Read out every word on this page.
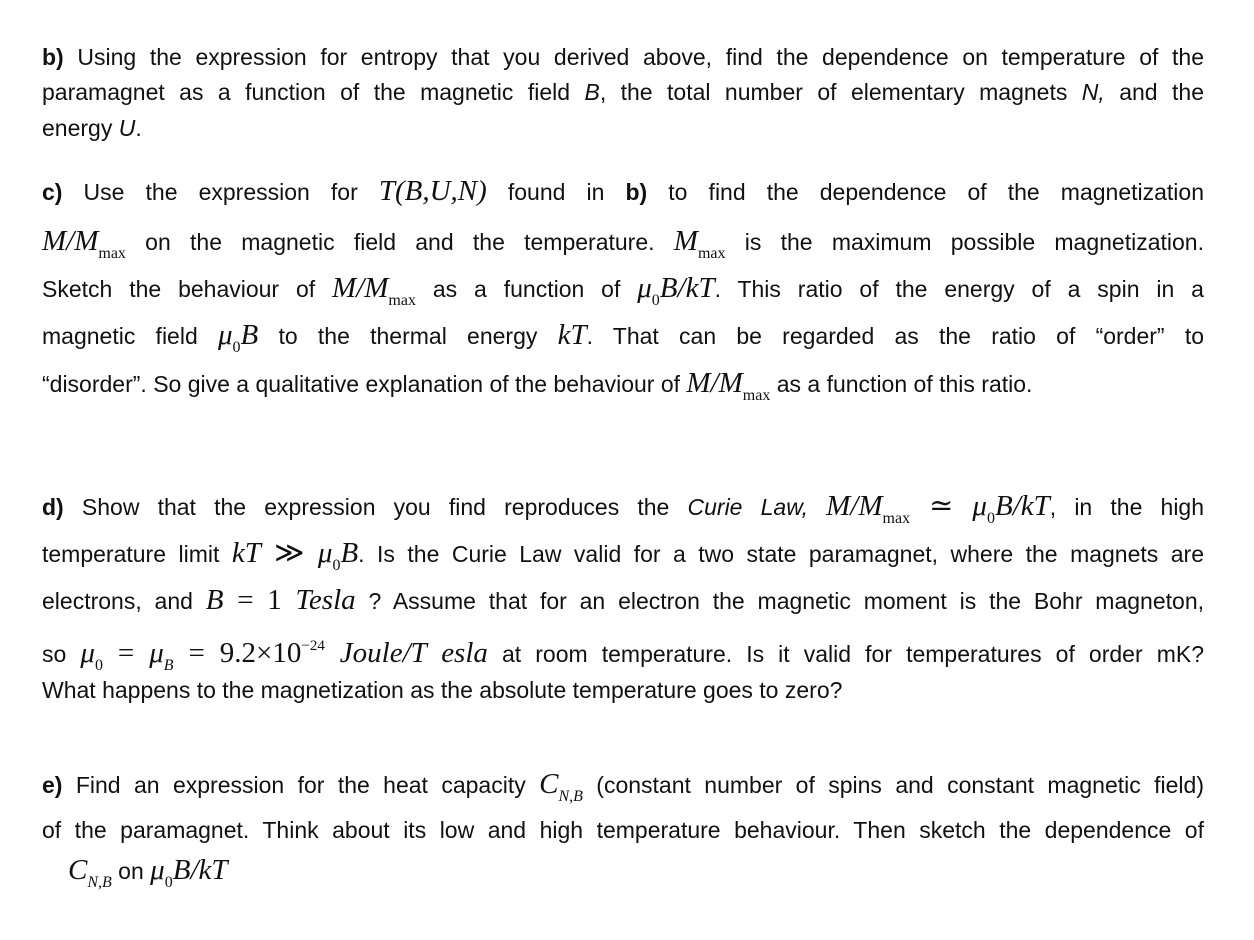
b) Using the expression for entropy that you derived above, find the dependence on temperature of the
paramagnet as a function of the magnetic field B, the total number of elementary magnets N, and the
energy U.
c) Use the expression for T(B,U,N) found in b) to find the dependence of the magnetization
$M/M_{max}$ on the magnetic field and the temperature. $M_{max}$ is the maximum possible magnetization.
Sketch the behaviour of $M/M_{max}$ as a function of $\mu_0B/kT$. This ratio of the energy of a spin in a
magnetic field $\mu_0B$ to the thermal energy kT. That can be regarded as the ratio of “order” to
“disorder”. So give a qualitative explanation of the behaviour of $M/M_{max}$ as a function of this ratio.
d) Show that the expression you find reproduces the Curie Law, $M/M_{max}$ ≃ $\mu_0B/kT$, in the high
temperature limit kT ≫ $\mu_0B$. Is the Curie Law valid for a two state paramagnet, where the magnets are
electrons, and B = 1 Tesla ? Assume that for an electron the magnetic moment is the Bohr magneton,
so $\mu_0 = \mu_B = 9.2\times 10^{-24}$ Joule/T esla at room temperature. Is it valid for temperatures of order mK?
What happens to the magnetization as the absolute temperature goes to zero?
e) Find an expression for the heat capacity $C_{N,B}$ (constant number of spins and constant magnetic field)
of the paramagnet. Think about its low and high temperature behaviour. Then sketch the dependence of
$C_{N,B}$ on $\mu_0B/kT$
